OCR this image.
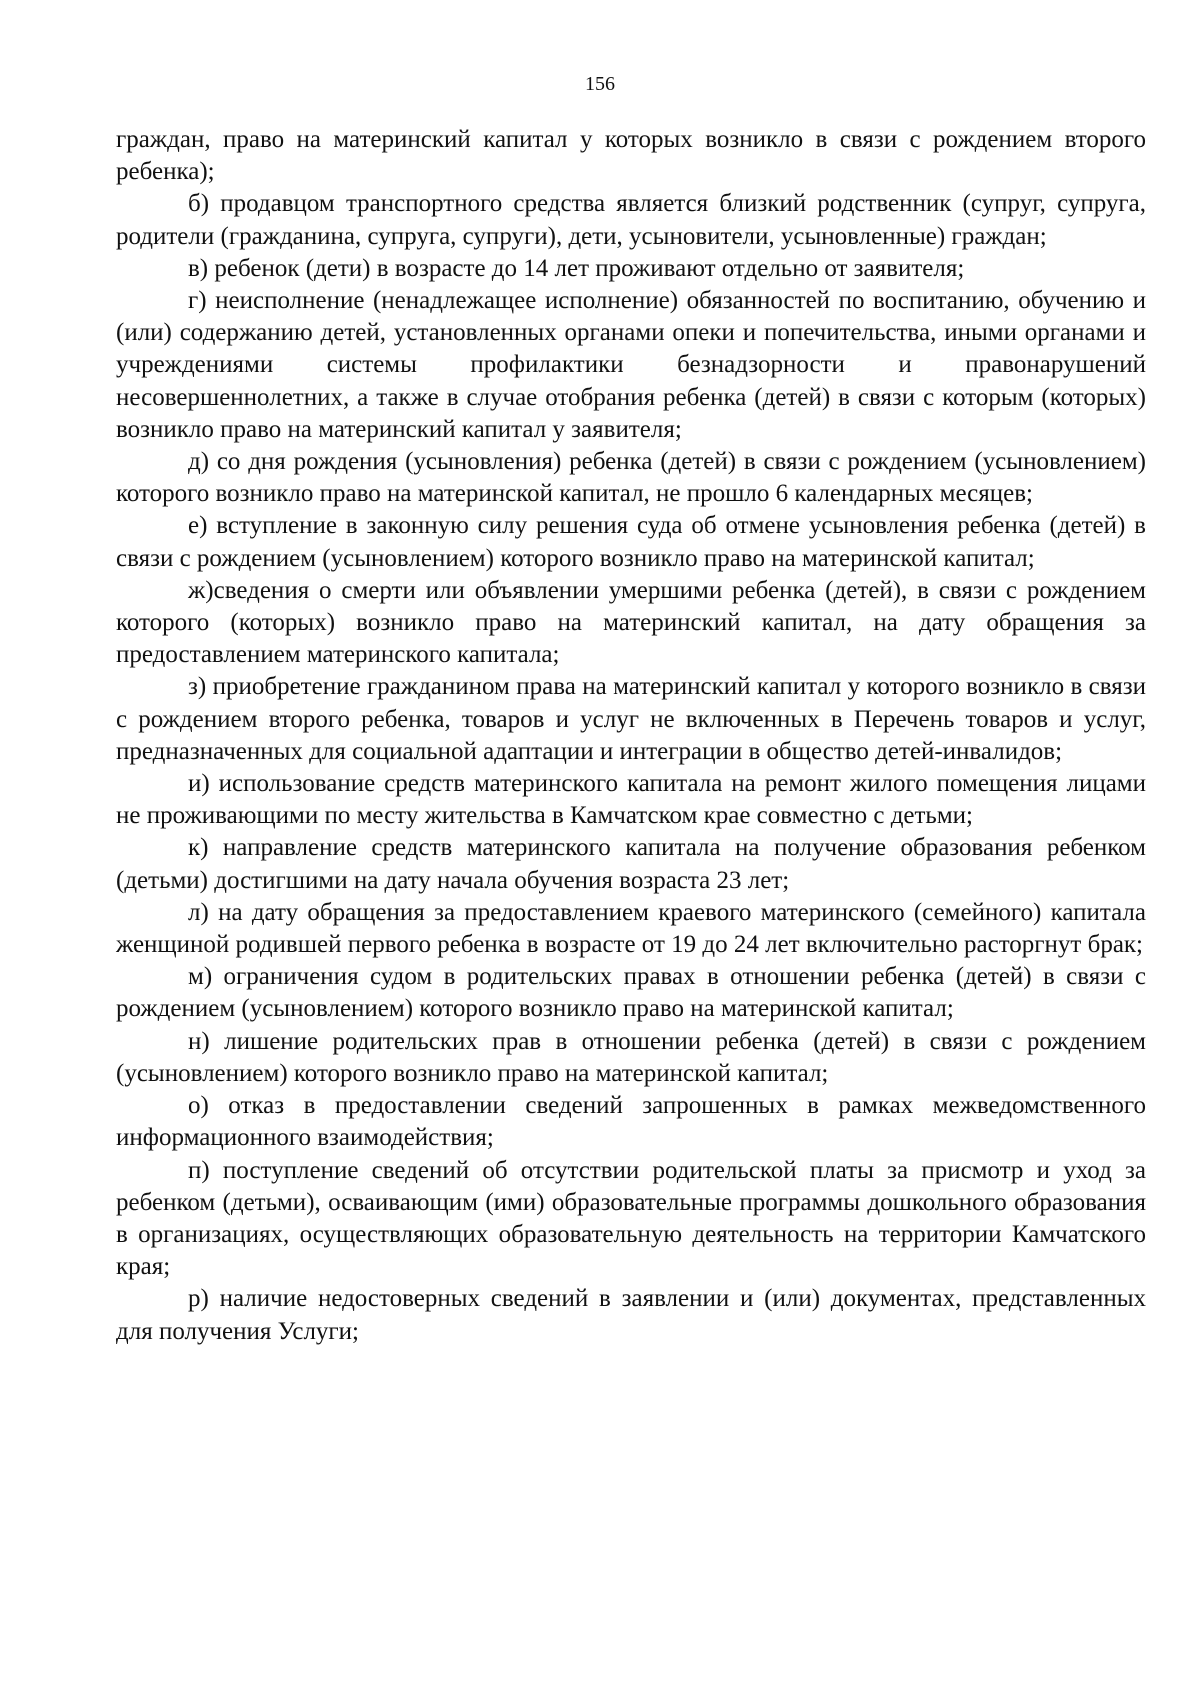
156

граждан, право на материнский капитал у которых возникло в связи с рождением второго ребенка);

б) продавцом транспортного средства является близкий родственник (супруг, супруга, родители (гражданина, супруга, супруги), дети, усыновители, усыновленные) граждан;

в) ребенок (дети) в возрасте до 14 лет проживают отдельно от заявителя;

г) неисполнение (ненадлежащее исполнение) обязанностей по воспитанию, обучению и (или) содержанию детей, установленных органами опеки и попечительства, иными органами и учреждениями системы профилактики безнадзорности и правонарушений несовершеннолетних, а также в случае отобрания ребенка (детей) в связи с которым (которых) возникло право на материнский капитал у заявителя;

д) со дня рождения (усыновления) ребенка (детей) в связи с рождением (усыновлением) которого возникло право на материнской капитал, не прошло 6 календарных месяцев;

е) вступление в законную силу решения суда об отмене усыновления ребенка (детей) в связи с рождением (усыновлением) которого возникло право на материнской капитал;

ж)сведения о смерти или объявлении умершими ребенка (детей), в связи с рождением которого (которых) возникло право на материнский капитал, на дату обращения за предоставлением материнского капитала;

з) приобретение гражданином права на материнский капитал у которого возникло в связи с рождением второго ребенка, товаров и услуг не включенных в Перечень товаров и услуг, предназначенных для социальной адаптации и интеграции в общество детей-инвалидов;

и) использование средств материнского капитала на ремонт жилого помещения лицами не проживающими по месту жительства в Камчатском крае совместно с детьми;

к) направление средств материнского капитала на получение образования ребенком (детьми) достигшими на дату начала обучения возраста 23 лет;

л) на дату обращения за предоставлением краевого материнского (семейного) капитала женщиной родившей первого ребенка в возрасте от 19 до 24 лет включительно расторгнут брак;

м) ограничения судом в родительских правах в отношении ребенка (детей) в связи с рождением (усыновлением) которого возникло право на материнской капитал;

н) лишение родительских прав в отношении ребенка (детей) в связи с рождением (усыновлением) которого возникло право на материнской капитал;

о) отказ в предоставлении сведений запрошенных в рамках межведомственного информационного взаимодействия;

п) поступление сведений об отсутствии родительской платы за присмотр и уход за ребенком (детьми), осваивающим (ими) образовательные программы дошкольного образования в организациях, осуществляющих образовательную деятельность на территории Камчатского края;

р) наличие недостоверных сведений в заявлении и (или) документах, представленных для получения Услуги;
